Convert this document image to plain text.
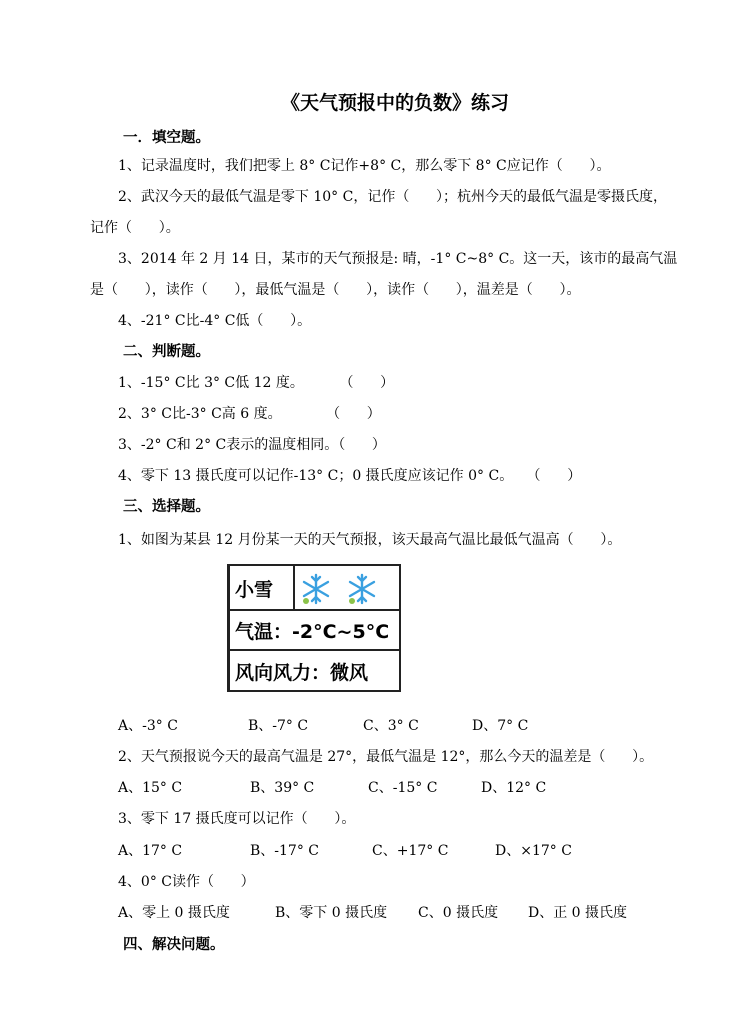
《天气预报中的负数》练习
一．填空题。
1、记录温度时，我们把零上 8° C记作+8° C，那么零下 8° C应记作（      ）。
2、武汉今天的最低气温是零下 10° C，记作（      ）；杭州今天的最低气温是零摄氏度，
记作（      ）。
3、2014 年 2 月 14 日，某市的天气预报是: 晴，-1° C~8° C。这一天，该市的最高气温
是（      ），读作（      ），最低气温是（      ），读作（      ），温差是（      ）。
4、-21° C比-4° C低（      ）。
二、判断题。
1、-15° C比 3° C低 12 度。        （      ）
2、3° C比-3° C高 6 度。          （      ）
3、-2° C和 2° C表示的温度相同。（      ）
4、零下 13 摄氏度可以记作-13° C；0 摄氏度应该记作 0° C。   （      ）
三、选择题。
1、如图为某县 12 月份某一天的天气预报，该天最高气温比最低气温高（      ）。
小雪
气温：-2°C~5°C
风向风力：微风
A、-3° C	B、-7° C	C、3° C	D、7° C
2、天气预报说今天的最高气温是 27°，最低气温是 12°，那么今天的温差是（      ）。
A、15° C	B、39° C	C、-15° C	D、12° C
3、零下 17 摄氏度可以记作（      ）。
A、17° C	B、-17° C	C、+17° C	D、×17° C
4、0° C读作（      ）
A、零上 0 摄氏度	B、零下 0 摄氏度 C、0 摄氏度 D、正 0 摄氏度
四、解决问题。
